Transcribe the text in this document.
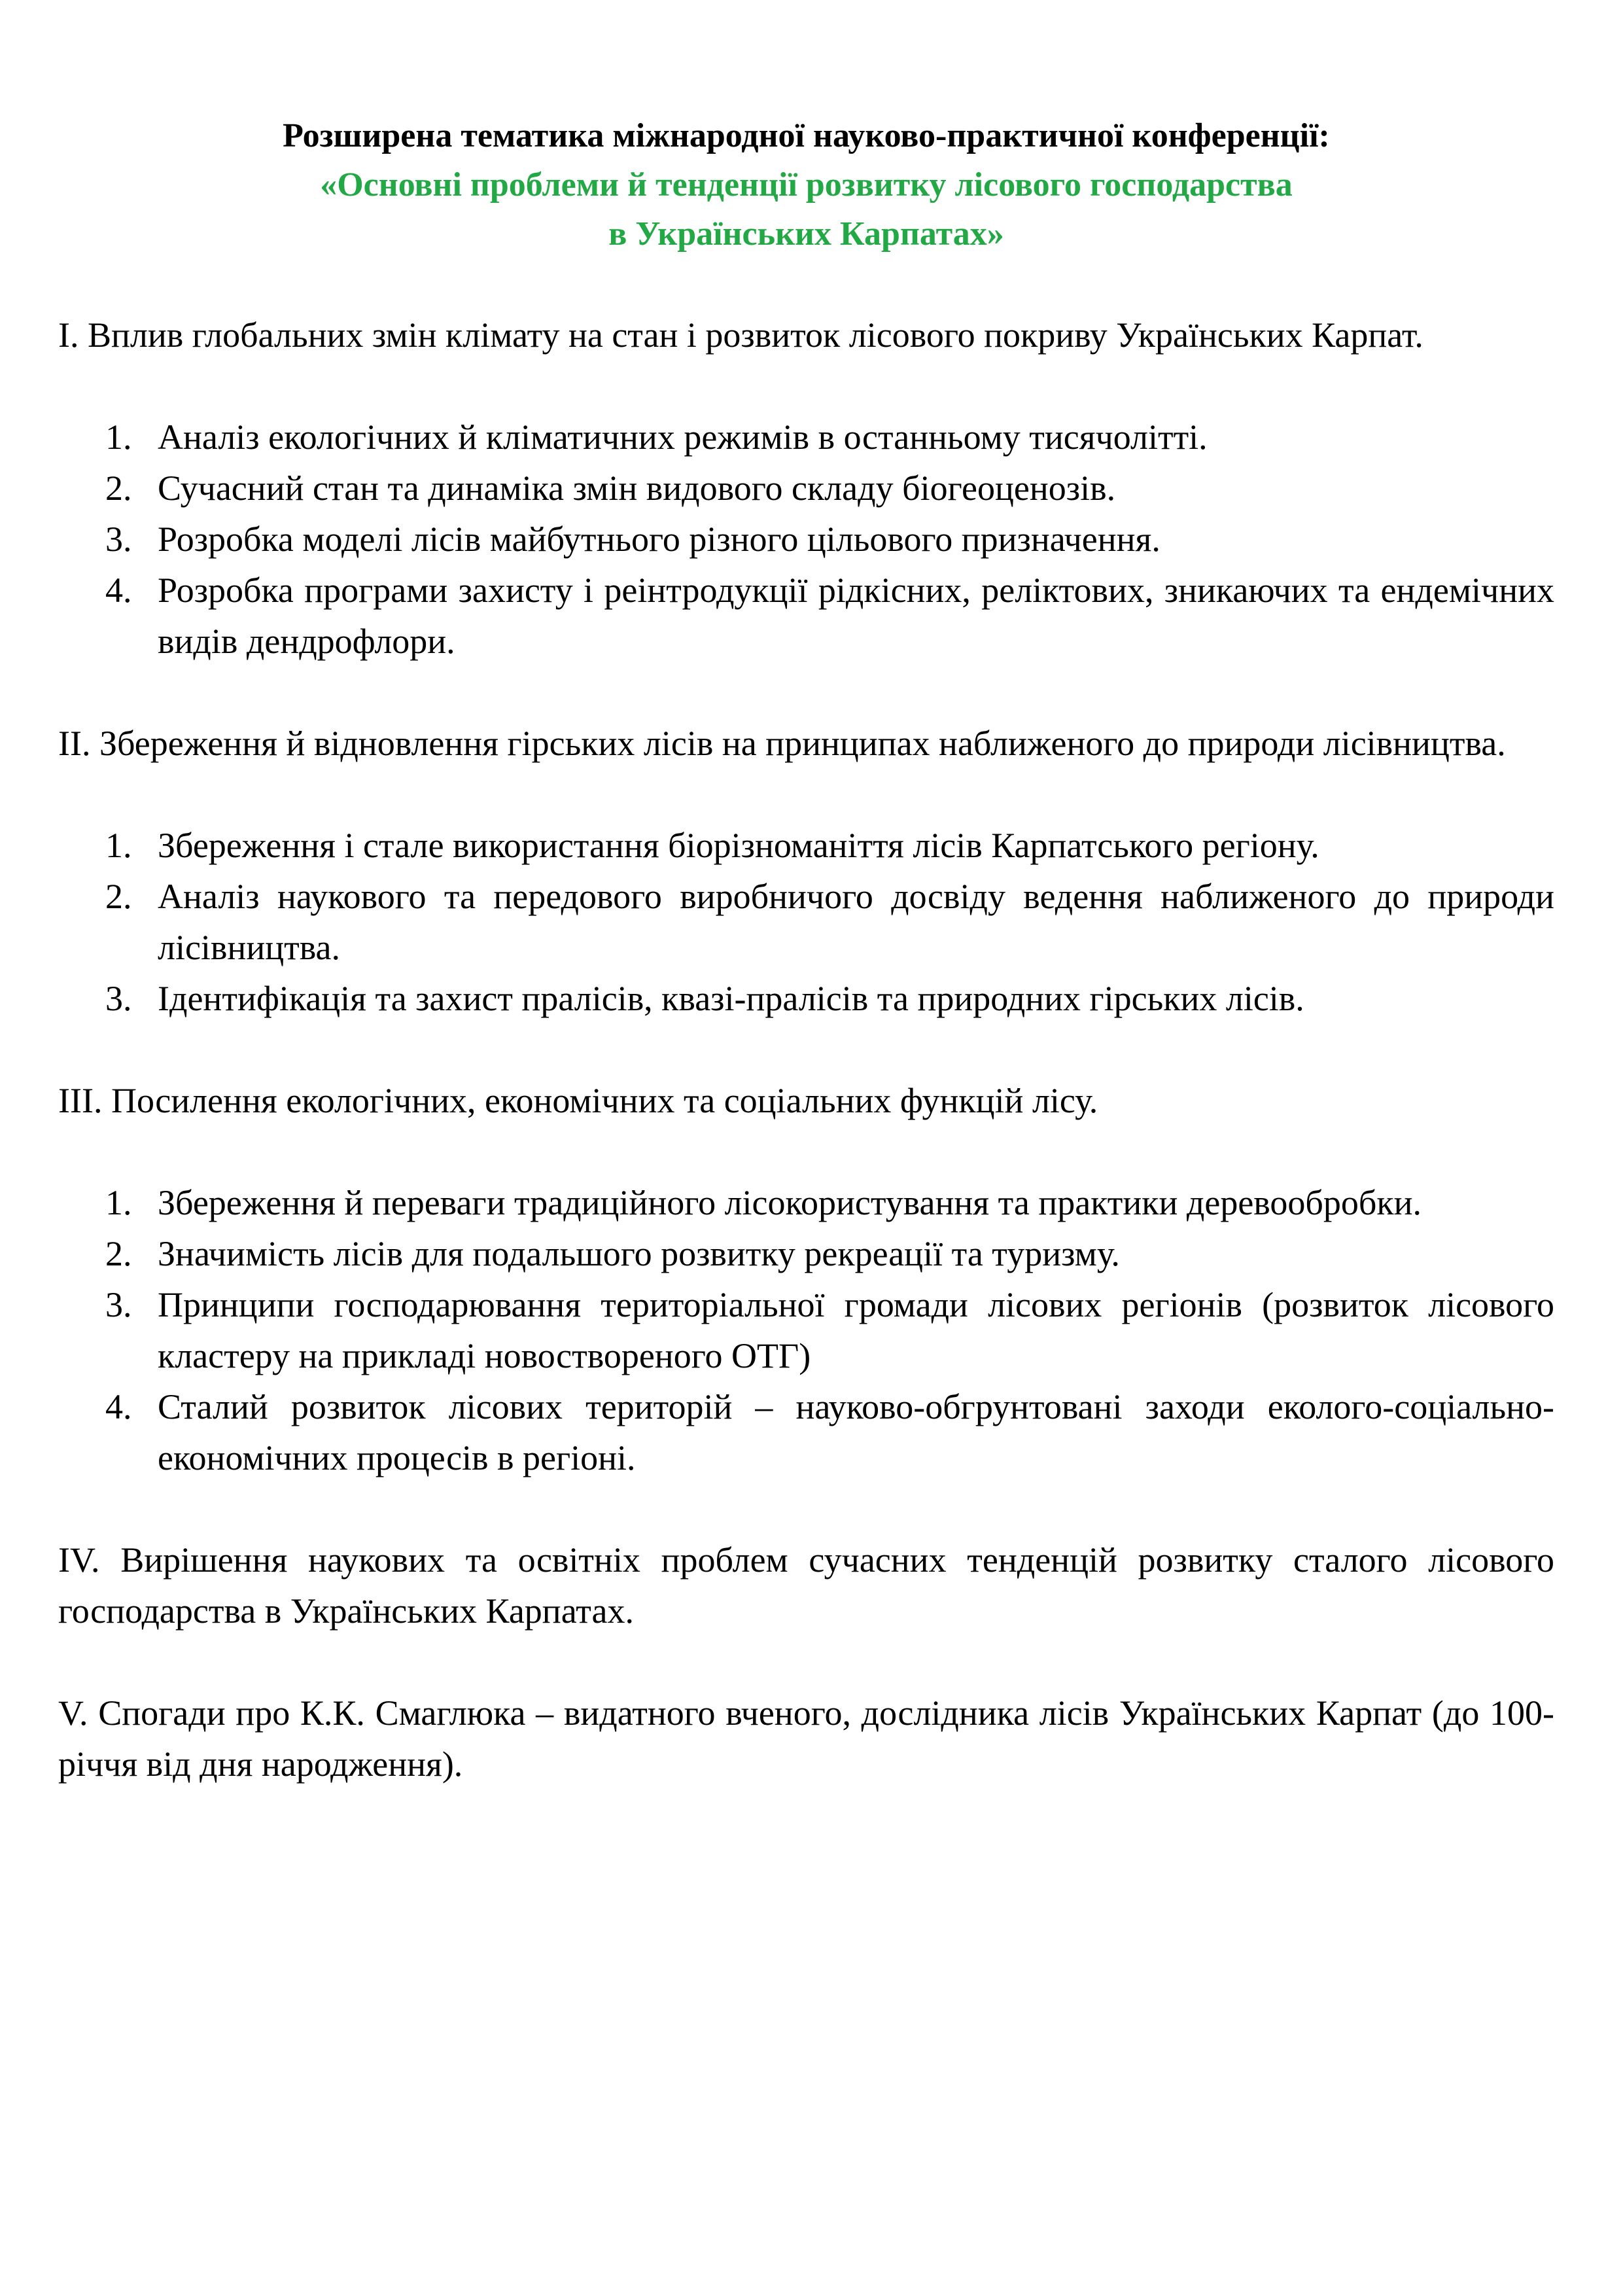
Розширена тематика міжнародної науково-практичної конференції:
«Основні проблеми й тенденції розвитку лісового господарства
в Українських Карпатах»

I. Вплив глобальних змін клімату на стан і розвиток лісового покриву Українських Карпат.

1. Аналіз екологічних й кліматичних режимів в останньому тисячолітті.
2. Сучасний стан та динаміка змін видового складу біогеоценозів.
3. Розробка моделі лісів майбутнього різного цільового призначення.
4. Розробка програми захисту і реінтродукції рідкісних, реліктових, зникаючих та ендемічних видів дендрофлори.

II. Збереження й відновлення гірських лісів на принципах наближеного до природи лісівництва.

1. Збереження і стале використання біорізноманіття лісів Карпатського регіону.
2. Аналіз наукового та передового виробничого досвіду ведення наближеного до природи лісівництва.
3. Ідентифікація та захист пралісів, квазі-пралісів та природних гірських лісів.

III. Посилення екологічних, економічних та соціальних функцій лісу.

1. Збереження й переваги традиційного лісокористування та практики деревообробки.
2. Значимість лісів для подальшого розвитку рекреації та туризму.
3. Принципи господарювання територіальної громади лісових регіонів (розвиток лісового кластеру на прикладі новоствореного ОТГ)
4. Сталий розвиток лісових територій – науково-обгрунтовані заходи еколого-соціально-економічних процесів в регіоні.

IV. Вирішення наукових та освітніх проблем сучасних тенденцій розвитку сталого лісового господарства в Українських Карпатах.

V. Спогади про К.К. Смаглюка – видатного вченого, дослідника лісів Українських Карпат (до 100-річчя від дня народження).
